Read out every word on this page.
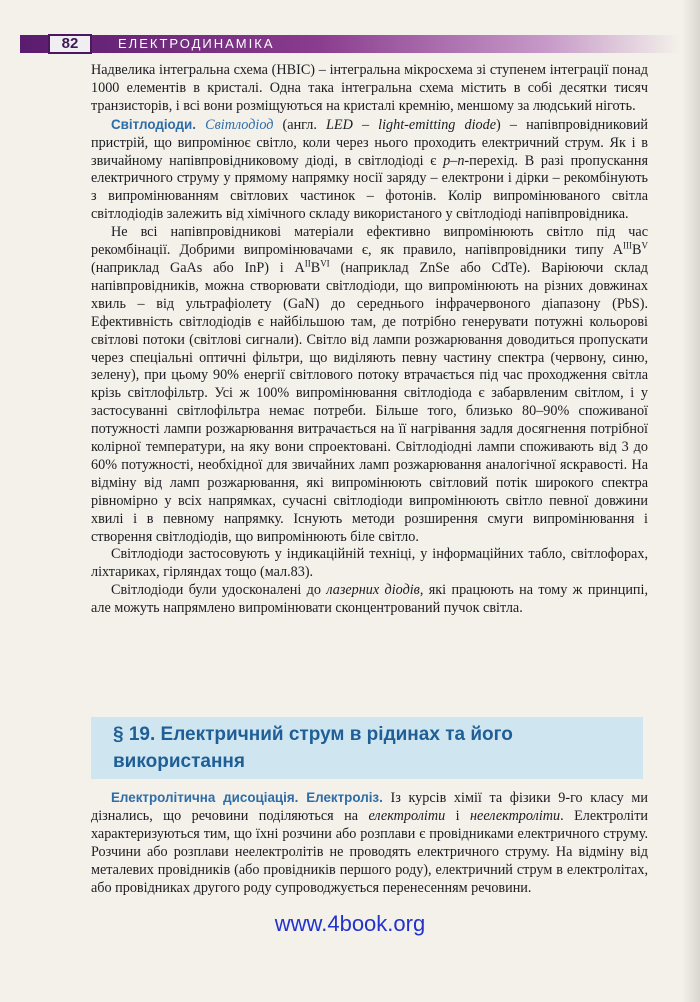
82	ЕЛЕКТРОДИНАМІКА

Надвелика інтегральна схема (НВІС) – інтегральна мікросхема зі ступенем інтеграції понад 1000 елементів в кристалі. Одна така інтегральна схема містить в собі десятки тисяч транзисторів, і всі вони розміщуються на кристалі кремнію, меншому за людський ніготь.

Світлодіоди. Світлодіод (англ. LED – light-emitting diode) – напівпровідниковий пристрій, що випромінює світло, коли через нього проходить електричний струм. Як і в звичайному напівпровідниковому діоді, в світлодіоді є p–n-перехід. В разі пропускання електричного струму у прямому напрямку носії заряду – електрони і дірки – рекомбінують з випромінюванням світлових частинок – фотонів. Колір випромінюваного світла світлодіодів залежить від хімічного складу використаного у світлодіоді напівпровідника.

Не всі напівпровідникові матеріали ефективно випромінюють світло під час рекомбінації. Добрими випромінювачами є, як правило, напівпровідники типу $A^{III}B^V$ (наприклад GaAs або InP) і $A^{II}B^{VI}$ (наприклад ZnSe або CdTe). Варіюючи склад напівпровідників, можна створювати світлодіоди, що випромінюють на різних довжинах хвиль – від ультрафіолету (GaN) до середнього інфрачервоного діапазону (PbS). Ефективність світлодіодів є найбільшою там, де потрібно генерувати потужні кольорові світлові потоки (світлові сигнали). Світло від лампи розжарювання доводиться пропускати через спеціальні оптичні фільтри, що виділяють певну частину спектра (червону, синю, зелену), при цьому 90% енергії світлового потоку втрачається під час проходження світла крізь світлофільтр. Усі ж 100% випромінювання світлодіода є забарвленим світлом, і у застосуванні світлофільтра немає потреби. Більше того, близько 80–90% споживаної потужності лампи розжарювання витрачається на її нагрівання задля досягнення потрібної колірної температури, на яку вони спроектовані. Світлодіодні лампи споживають від 3 до 60% потужності, необхідної для звичайних ламп розжарювання аналогічної яскравості. На відміну від ламп розжарювання, які випромінюють світловий потік широкого спектра рівномірно у всіх напрямках, сучасні світлодіоди випромінюють світло певної довжини хвилі і в певному напрямку. Існують методи розширення смуги випромінювання і створення світлодіодів, що випромінюють біле світло.

Світлодіоди застосовують у індикаційній техніці, у інформаційних табло, світлофорах, ліхтариках, гірляндах тощо (мал.83).

Світлодіоди були удосконалені до лазерних діодів, які працюють на тому ж принципі, але можуть напрямлено випромінювати сконцентрований пучок світла.

§ 19. Електричний струм в рідинах та його використання

Електролітична дисоціація. Електроліз. Із курсів хімії та фізики 9-го класу ми дізнались, що речовини поділяються на електроліти і неелектроліти. Електроліти характеризуються тим, що їхні розчини або розплави є провідниками електричного струму. Розчини або розплави неелектролітів не проводять електричного струму. На відміну від металевих провідників (або провідників першого роду), електричний струм в електролітах, або провідниках другого роду супроводжується перенесенням речовини.

www.4book.org
